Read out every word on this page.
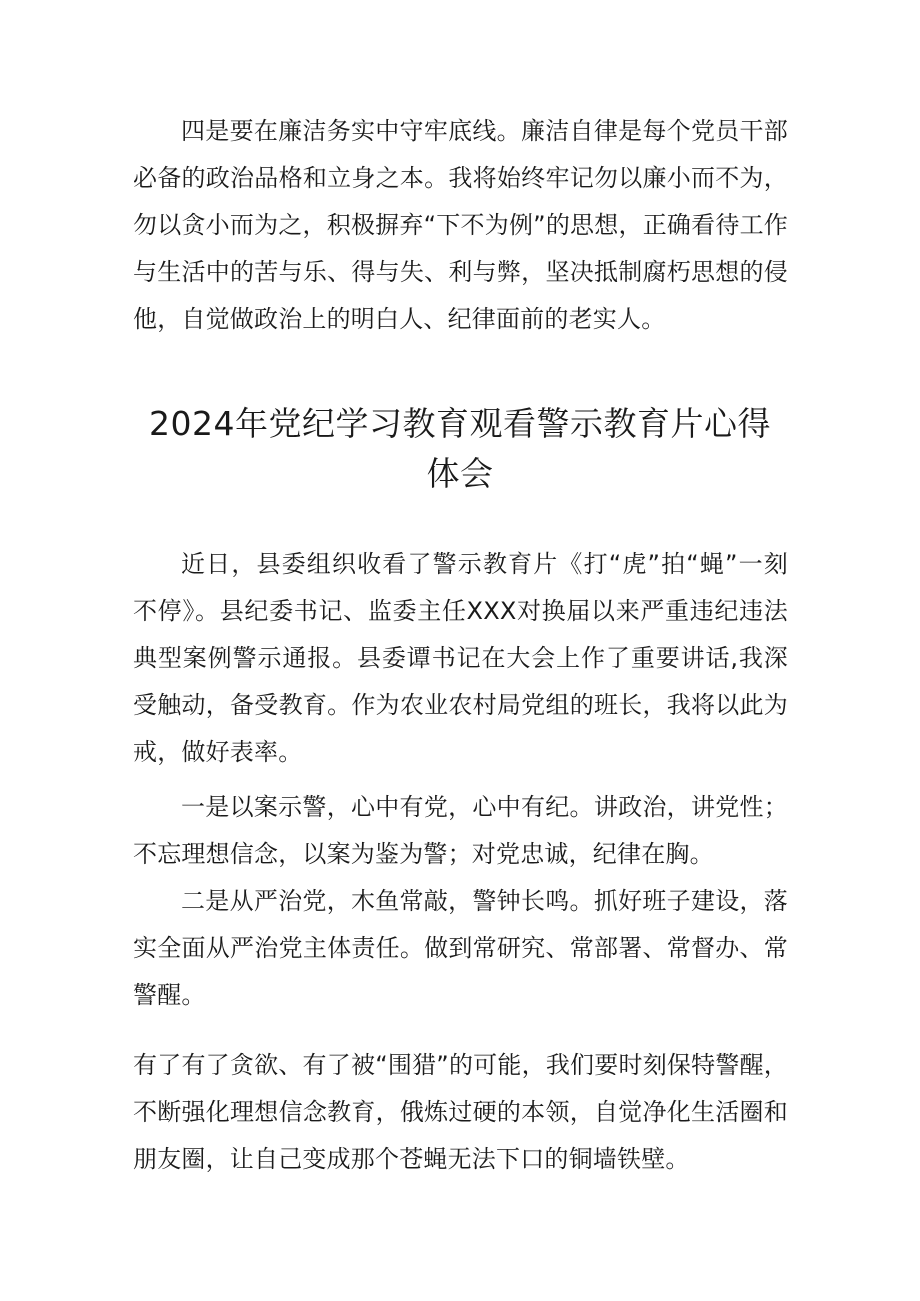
四是要在廉洁务实中守牢底线。廉洁自律是每个党员干部必备的政治品格和立身之本。我将始终牢记勿以廉小而不为，勿以贪小而为之，积极摒弃“下不为例”的思想，正确看待工作与生活中的苦与乐、得与失、利与弊，坚决抵制腐朽思想的侵他，自觉做政治上的明白人、纪律面前的老实人。

2024年党纪学习教育观看警示教育片心得体会

近日，县委组织收看了警示教育片《打“虎”拍“蝇”一刻不停》。县纪委书记、监委主任XXX对换届以来严重违纪违法典型案例警示通报。县委谭书记在大会上作了重要讲话,我深受触动，备受教育。作为农业农村局党组的班长，我将以此为戒，做好表率。

一是以案示警，心中有党，心中有纪。讲政治，讲党性；不忘理想信念，以案为鉴为警；对党忠诚，纪律在胸。

二是从严治党，木鱼常敲，警钟长鸣。抓好班子建设，落实全面从严治党主体责任。做到常研究、常部署、常督办、常警醒。

有了有了贪欲、有了被“围猎”的可能，我们要时刻保特警醒，不断强化理想信念教育，俄炼过硬的本领，自觉净化生活圈和朋友圈，让自己变成那个苍蝇无法下口的铜墙铁壁。
